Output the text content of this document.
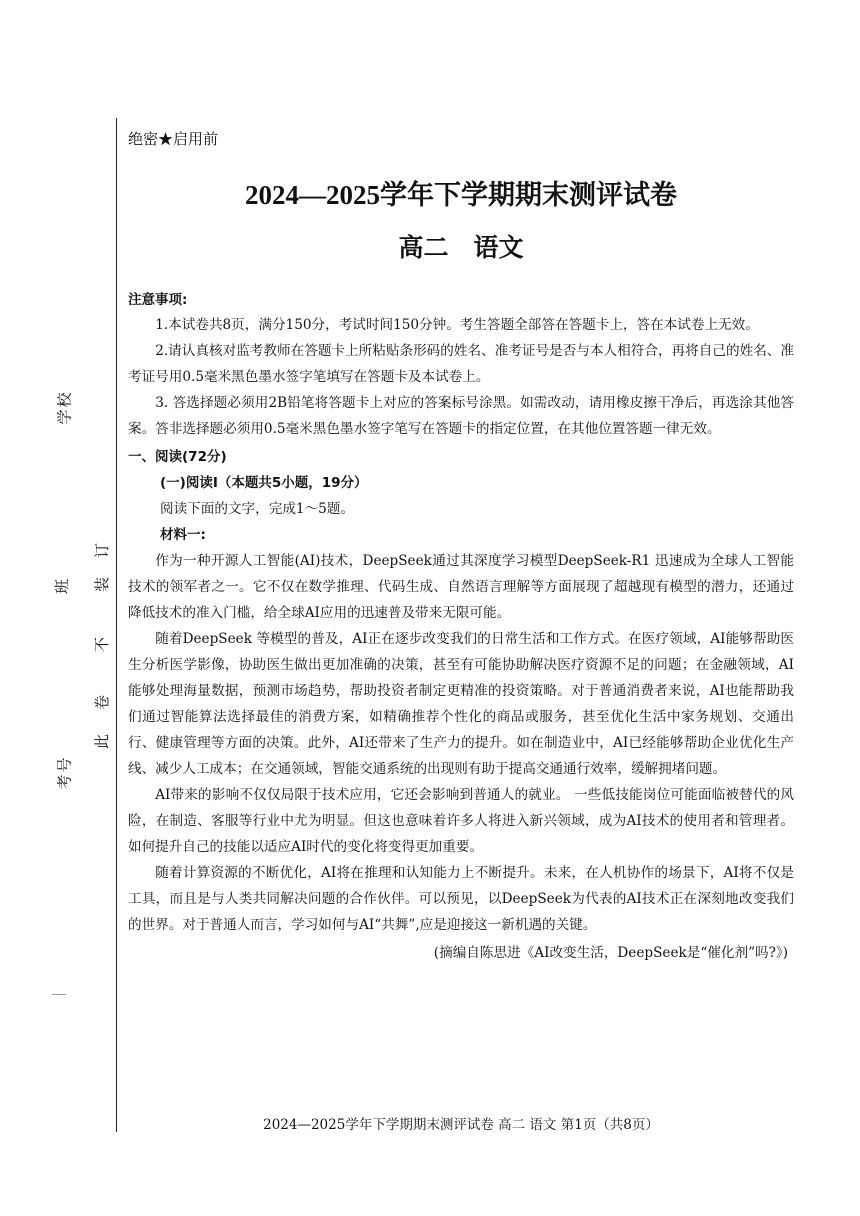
学校
班
考号
订
装
不
卷
此
绝密★启用前
2024—2025学年下学期期末测评试卷
高二　语文
注意事项:

1.本试卷共8页，满分150分，考试时间150分钟。考生答题全部答在答题卡上，答在本试卷上无效。

2.请认真核对监考教师在答题卡上所粘贴条形码的姓名、准考证号是否与本人相符合，再将自己的姓名、准考证号用0.5毫米黑色墨水签字笔填写在答题卡及本试卷上。

3. 答选择题必须用2B铅笔将答题卡上对应的答案标号涂黑。如需改动，请用橡皮擦干净后，再选涂其他答案。答非选择题必须用0.5毫米黑色墨水签字笔写在答题卡的指定位置，在其他位置答题一律无效。

一、阅读(72分)
(一)阅读I（本题共5小题，19分）
阅读下面的文字，完成1～5题。
材料一:

作为一种开源人工智能(AI)技术，DeepSeek通过其深度学习模型DeepSeek-R1 迅速成为全球人工智能技术的领军者之一。它不仅在数学推理、代码生成、自然语言理解等方面展现了超越现有模型的潜力，还通过降低技术的准入门槛，给全球AI应用的迅速普及带来无限可能。

随着DeepSeek 等模型的普及，AI正在逐步改变我们的日常生活和工作方式。在医疗领域，AI能够帮助医生分析医学影像，协助医生做出更加准确的决策，甚至有可能协助解决医疗资源不足的问题；在金融领域，AI能够处理海量数据，预测市场趋势，帮助投资者制定更精准的投资策略。对于普通消费者来说，AI也能帮助我们通过智能算法选择最佳的消费方案，如精确推荐个性化的商品或服务，甚至优化生活中家务规划、交通出行、健康管理等方面的决策。此外，AI还带来了生产力的提升。如在制造业中，AI已经能够帮助企业优化生产线、减少人工成本；在交通领域，智能交通系统的出现则有助于提高交通通行效率，缓解拥堵问题。

AI带来的影响不仅仅局限于技术应用，它还会影响到普通人的就业。 一些低技能岗位可能面临被替代的风险，在制造、客服等行业中尤为明显。但这也意味着许多人将进入新兴领域，成为AI技术的使用者和管理者。如何提升自己的技能以适应AI时代的变化将变得更加重要。

随着计算资源的不断优化，AI将在推理和认知能力上不断提升。未来，在人机协作的场景下，AI将不仅是工具，而且是与人类共同解决问题的合作伙伴。可以预见，以DeepSeek为代表的AI技术正在深刻地改变我们的世界。对于普通人而言，学习如何与AI“共舞”,应是迎接这一新机遇的关键。

(摘编自陈思进《AI改变生活，DeepSeek是“催化剂”吗?》)
2024—2025学年下学期期末测评试卷 高二 语文 第1页（共8页）
